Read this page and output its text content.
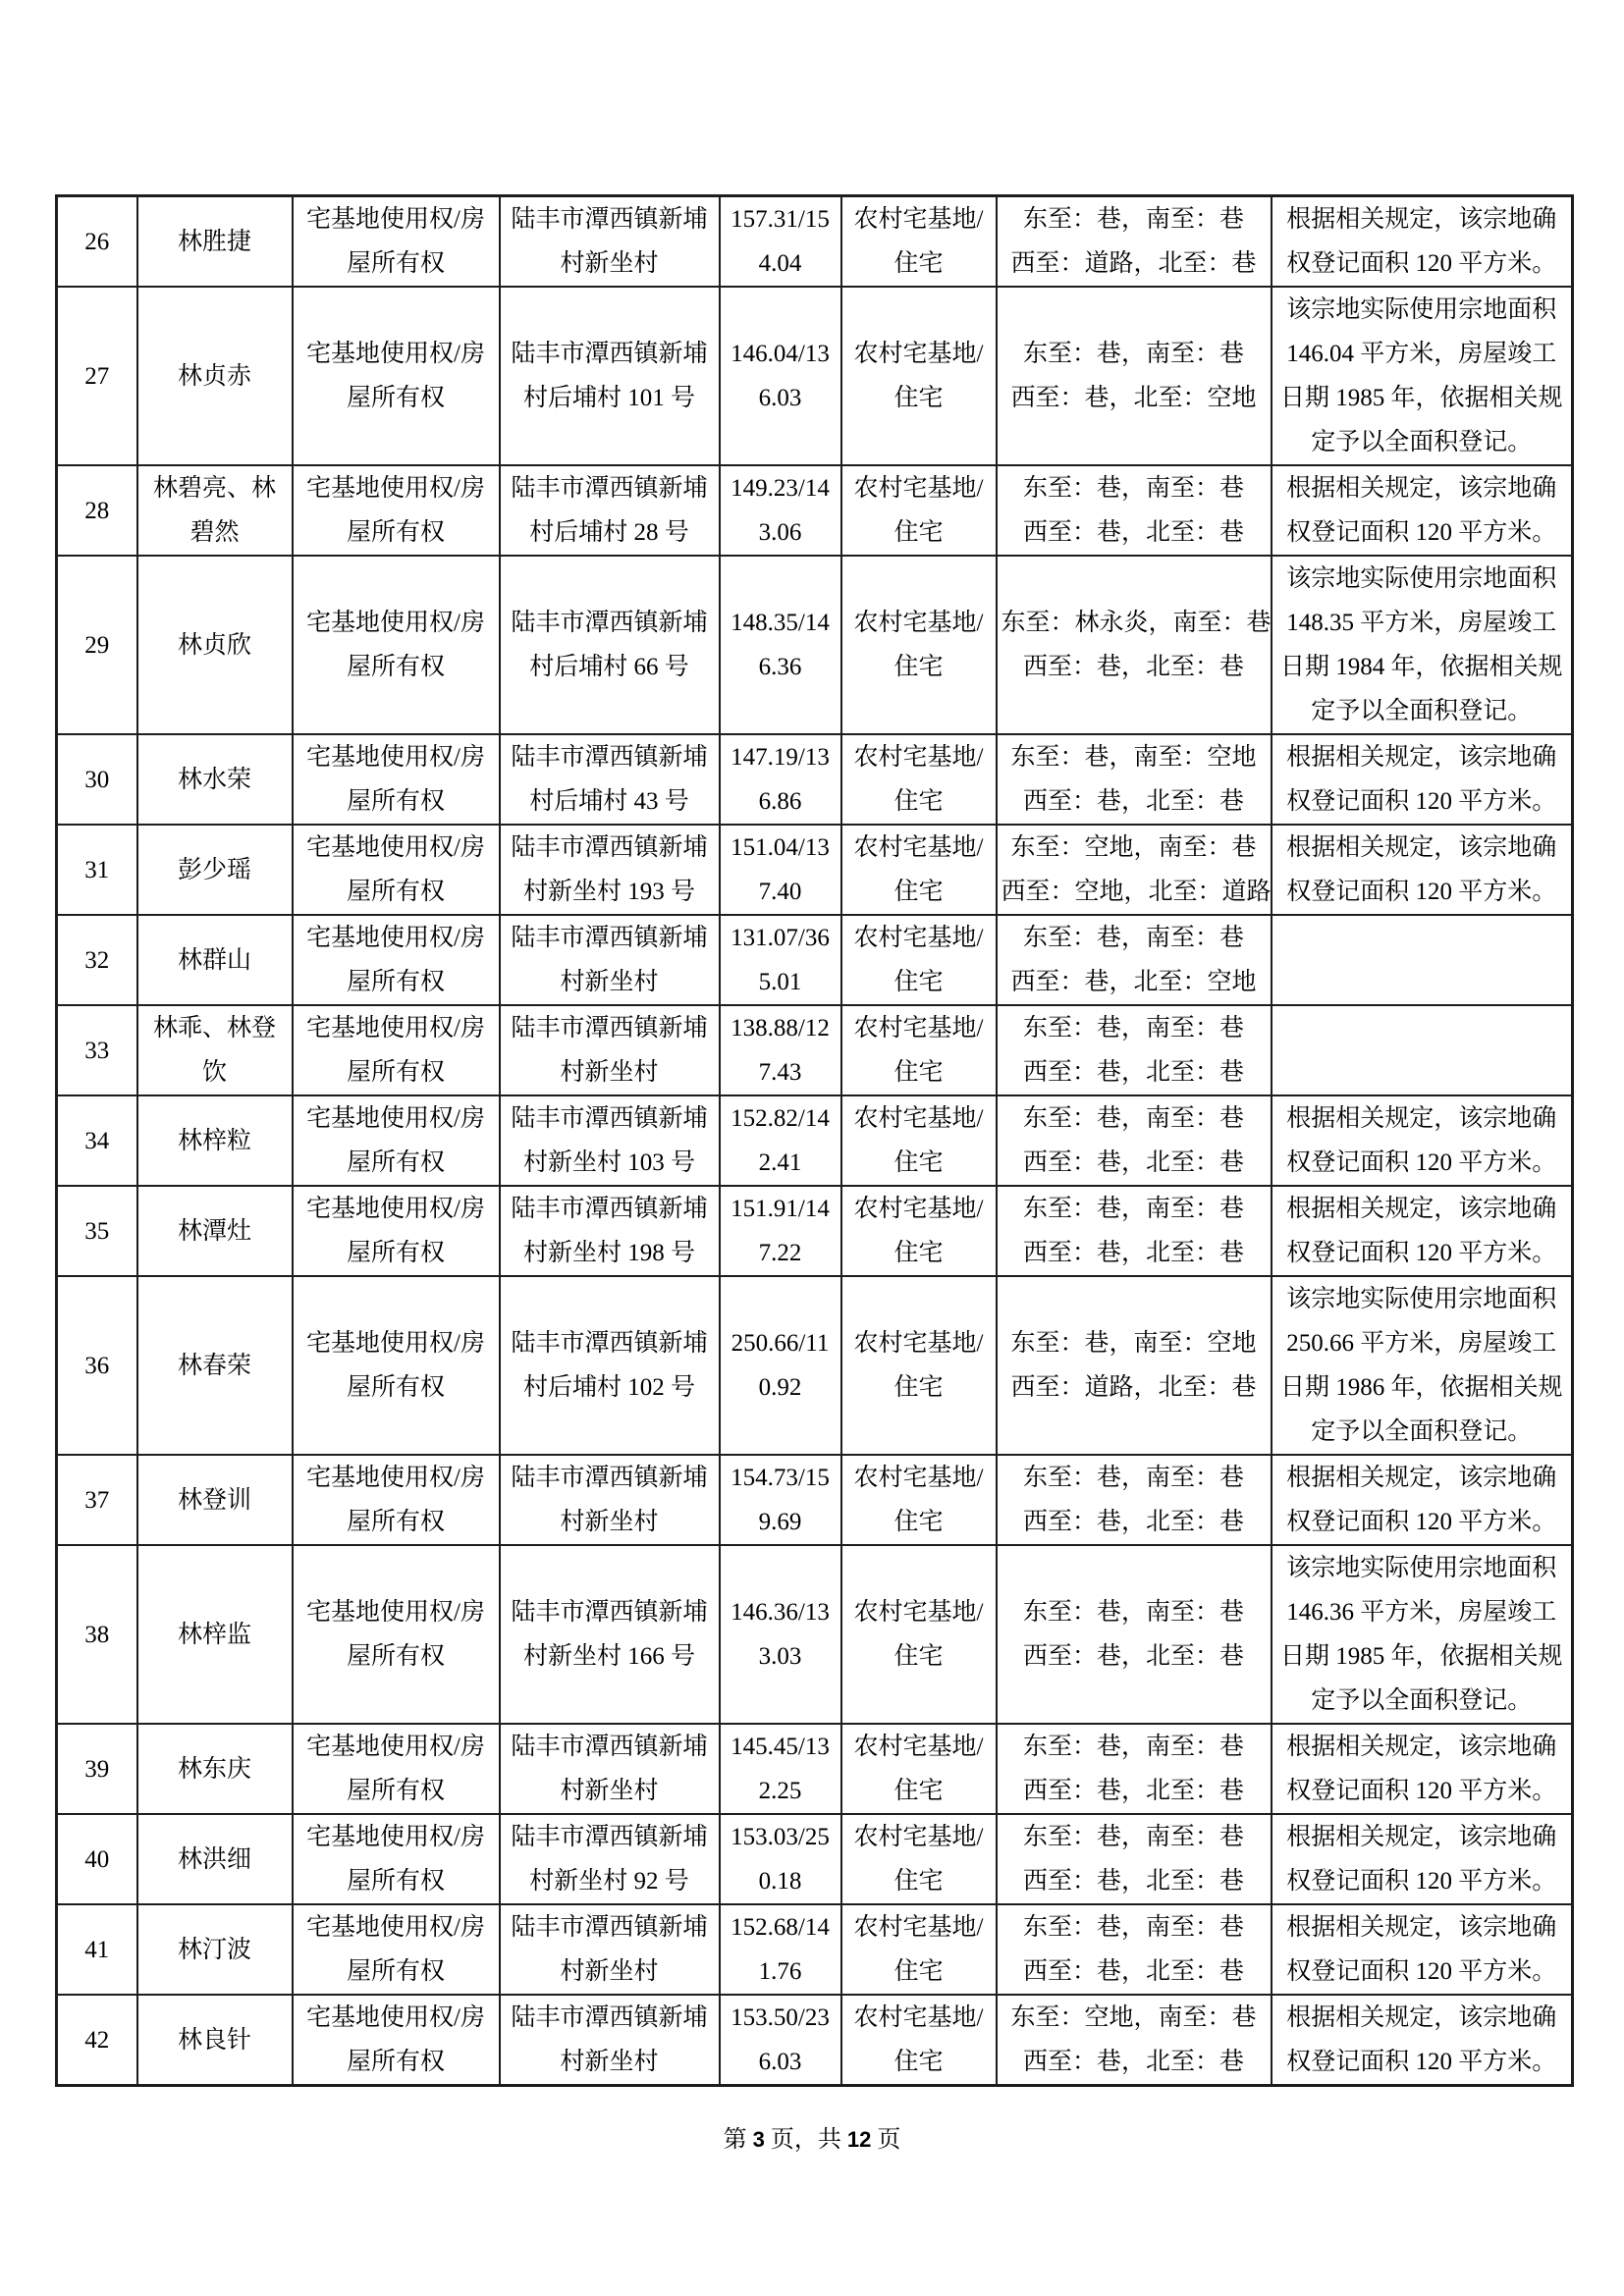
26	林胜捷	宅基地使用权/房屋所有权	陆丰市潭西镇新埔村新坐村	157.31/154.04	农村宅基地/住宅	东至：巷，南至：巷
西至：道路，北至：巷	根据相关规定，该宗地确权登记面积 120 平方米。

27	林贞赤	宅基地使用权/房屋所有权	陆丰市潭西镇新埔村后埔村 101 号	146.04/136.03	农村宅基地/住宅	东至：巷，南至：巷
西至：巷，北至：空地	该宗地实际使用宗地面积 146.04 平方米，房屋竣工日期 1985 年，依据相关规定予以全面积登记。

28	林碧亮、林碧然	宅基地使用权/房屋所有权	陆丰市潭西镇新埔村后埔村 28 号	149.23/143.06	农村宅基地/住宅	东至：巷，南至：巷
西至：巷，北至：巷	根据相关规定，该宗地确权登记面积 120 平方米。

29	林贞欣	宅基地使用权/房屋所有权	陆丰市潭西镇新埔村后埔村 66 号	148.35/146.36	农村宅基地/住宅	东至：林永炎，南至：巷
西至：巷，北至：巷	该宗地实际使用宗地面积 148.35 平方米，房屋竣工日期 1984 年，依据相关规定予以全面积登记。

30	林水荣	宅基地使用权/房屋所有权	陆丰市潭西镇新埔村后埔村 43 号	147.19/136.86	农村宅基地/住宅	东至：巷，南至：空地
西至：巷，北至：巷	根据相关规定，该宗地确权登记面积 120 平方米。

31	彭少瑶	宅基地使用权/房屋所有权	陆丰市潭西镇新埔村新坐村 193 号	151.04/137.40	农村宅基地/住宅	东至：空地，南至：巷
西至：空地，北至：道路	根据相关规定，该宗地确权登记面积 120 平方米。

32	林群山	宅基地使用权/房屋所有权	陆丰市潭西镇新埔村新坐村	131.07/365.01	农村宅基地/住宅	东至：巷，南至：巷
西至：巷，北至：空地	

33	林乖、林登饮	宅基地使用权/房屋所有权	陆丰市潭西镇新埔村新坐村	138.88/127.43	农村宅基地/住宅	东至：巷，南至：巷
西至：巷，北至：巷	

34	林梓粒	宅基地使用权/房屋所有权	陆丰市潭西镇新埔村新坐村 103 号	152.82/142.41	农村宅基地/住宅	东至：巷，南至：巷
西至：巷，北至：巷	根据相关规定，该宗地确权登记面积 120 平方米。

35	林潭灶	宅基地使用权/房屋所有权	陆丰市潭西镇新埔村新坐村 198 号	151.91/147.22	农村宅基地/住宅	东至：巷，南至：巷
西至：巷，北至：巷	根据相关规定，该宗地确权登记面积 120 平方米。

36	林春荣	宅基地使用权/房屋所有权	陆丰市潭西镇新埔村后埔村 102 号	250.66/110.92	农村宅基地/住宅	东至：巷，南至：空地
西至：道路，北至：巷	该宗地实际使用宗地面积 250.66 平方米，房屋竣工日期 1986 年，依据相关规定予以全面积登记。

37	林登训	宅基地使用权/房屋所有权	陆丰市潭西镇新埔村新坐村	154.73/159.69	农村宅基地/住宅	东至：巷，南至：巷
西至：巷，北至：巷	根据相关规定，该宗地确权登记面积 120 平方米。

38	林梓监	宅基地使用权/房屋所有权	陆丰市潭西镇新埔村新坐村 166 号	146.36/133.03	农村宅基地/住宅	东至：巷，南至：巷
西至：巷，北至：巷	该宗地实际使用宗地面积 146.36 平方米，房屋竣工日期 1985 年，依据相关规定予以全面积登记。

39	林东庆	宅基地使用权/房屋所有权	陆丰市潭西镇新埔村新坐村	145.45/132.25	农村宅基地/住宅	东至：巷，南至：巷
西至：巷，北至：巷	根据相关规定，该宗地确权登记面积 120 平方米。

40	林洪细	宅基地使用权/房屋所有权	陆丰市潭西镇新埔村新坐村 92 号	153.03/250.18	农村宅基地/住宅	东至：巷，南至：巷
西至：巷，北至：巷	根据相关规定，该宗地确权登记面积 120 平方米。

41	林汀波	宅基地使用权/房屋所有权	陆丰市潭西镇新埔村新坐村	152.68/141.76	农村宅基地/住宅	东至：巷，南至：巷
西至：巷，北至：巷	根据相关规定，该宗地确权登记面积 120 平方米。

42	林良针	宅基地使用权/房屋所有权	陆丰市潭西镇新埔村新坐村	153.50/236.03	农村宅基地/住宅	东至：空地，南至：巷
西至：巷，北至：巷	根据相关规定，该宗地确权登记面积 120 平方米。
第 3 页，共 12 页
